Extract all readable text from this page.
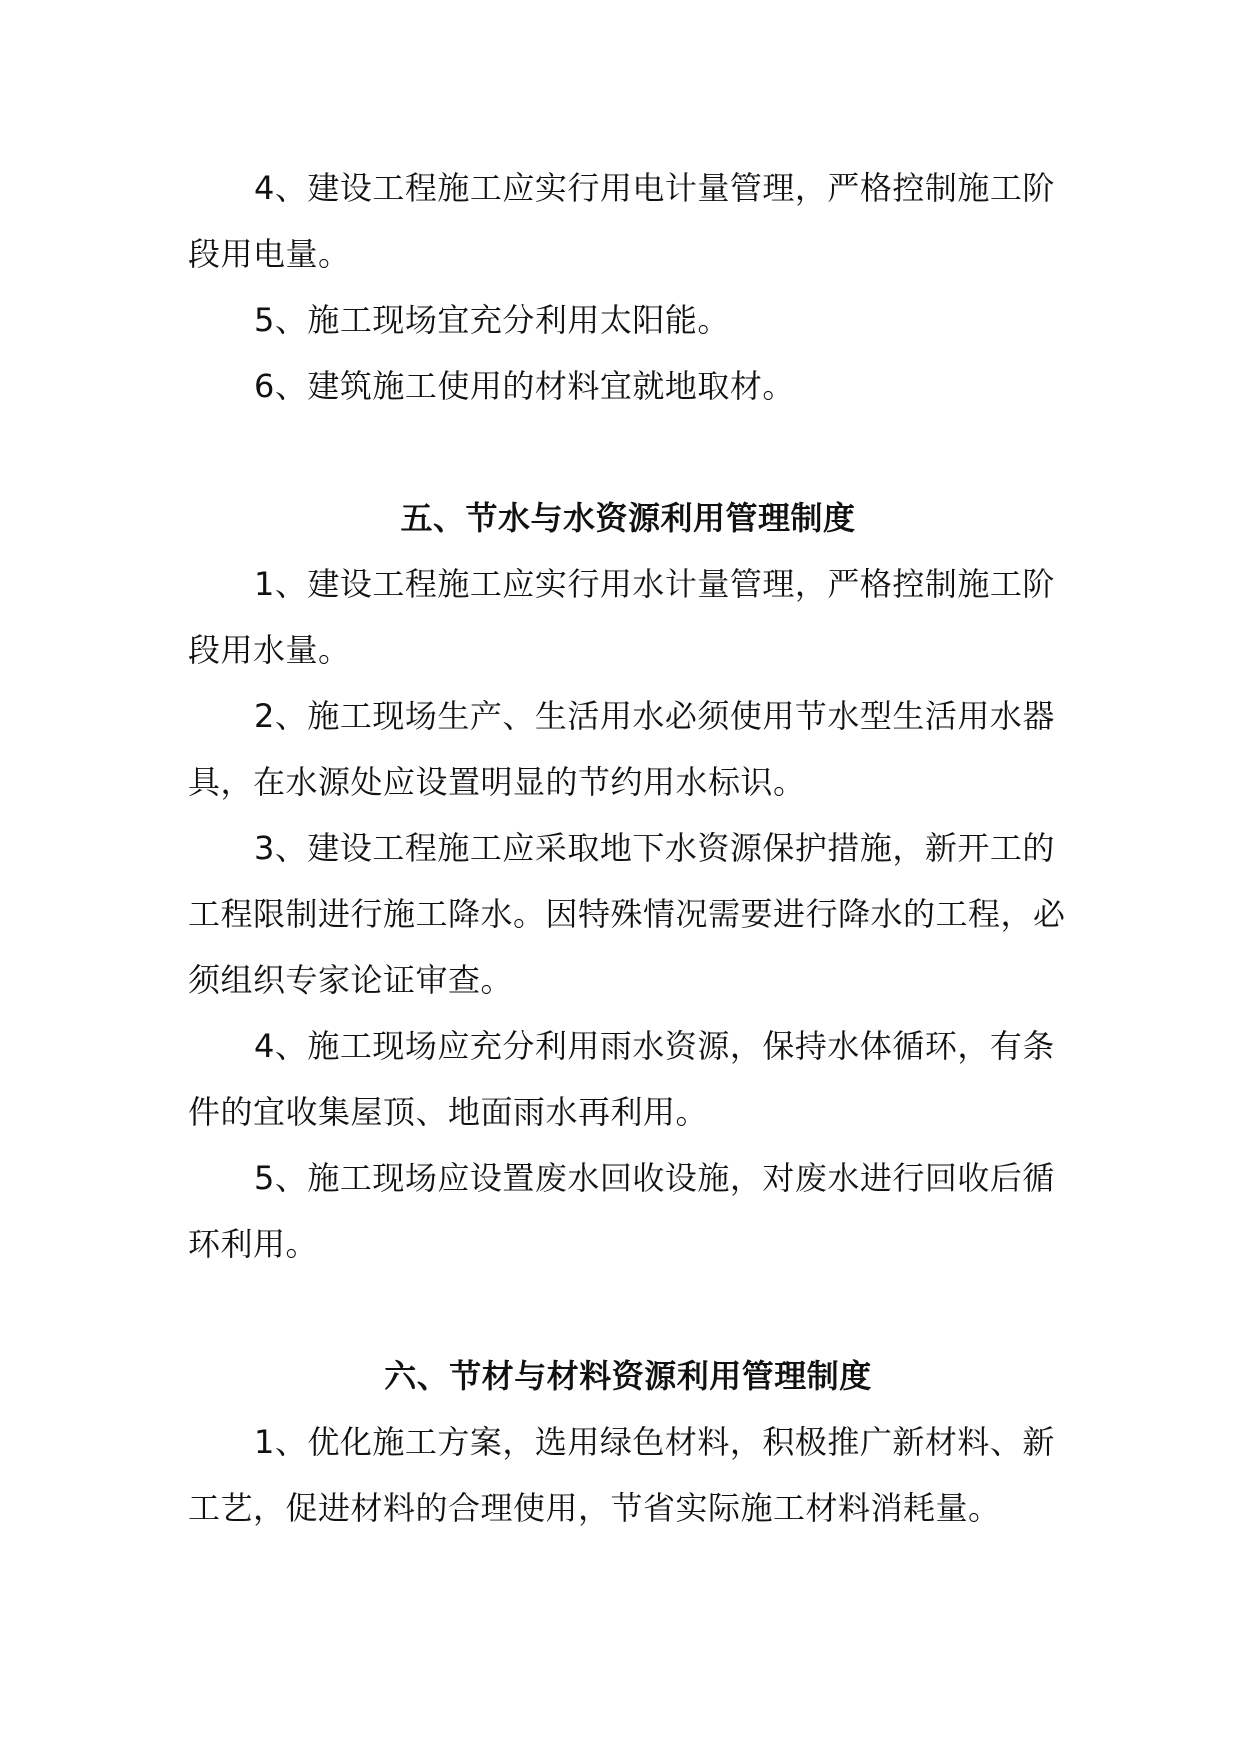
4、建设工程施工应实行用电计量管理，严格控制施工阶段用电量。

5、施工现场宜充分利用太阳能。

6、建筑施工使用的材料宜就地取材。

五、节水与水资源利用管理制度

1、建设工程施工应实行用水计量管理，严格控制施工阶段用水量。

2、施工现场生产、生活用水必须使用节水型生活用水器具，在水源处应设置明显的节约用水标识。

3、建设工程施工应采取地下水资源保护措施，新开工的工程限制进行施工降水。因特殊情况需要进行降水的工程，必须组织专家论证审查。

4、施工现场应充分利用雨水资源，保持水体循环，有条件的宜收集屋顶、地面雨水再利用。

5、施工现场应设置废水回收设施，对废水进行回收后循环利用。

六、节材与材料资源利用管理制度

1、优化施工方案，选用绿色材料，积极推广新材料、新工艺，促进材料的合理使用，节省实际施工材料消耗量。
